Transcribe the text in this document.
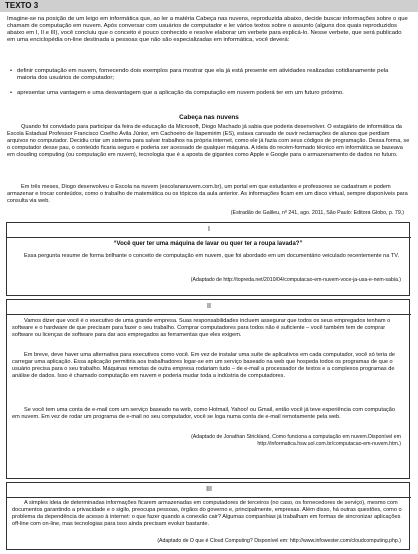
TEXTO 3
Imagine-se na posição de um leigo em informática que, ao ler a matéria Cabeça nas nuvens, reproduzida abaixo, decide buscar informações sobre o que chamam de computação em nuvem. Após conversar com usuários de computador e ler vários textos sobre o assunto (alguns dos quais reproduzidos abaixo em I, II e III), você concluiu que o conceito é pouco conhecido e resolve elaborar um verbete para explicá-lo. Nesse verbete, que será publicado em uma enciclopédia on-line destinada a pessoas que não são especializadas em informática, você deverá:
• definir computação em nuvem, fornecendo dois exemplos para mostrar que ela já está presente em atividades realizadas cotidianamente pela maioria dos usuários de computador;
• apresentar uma vantagem e uma desvantagem que a aplicação da computação em nuvem poderá ter em um futuro próximo.
Cabeça nas nuvens
Quando foi convidado para participar da feira de educação da Microsoft, Diogo Machado já sabia que poderia desenvolver. O estagiário de informática da Escola Estadual Professor Francisco Coelho Ávila Júnior, em Cachoeiro de Itapemirim (ES), estava cansado de ouvir reclamações de alunos que perdiam arquivos no computador. Decidiu criar um sistema para salvar trabalhos na própria internet, como ele já fazia com seus códigos de programação. Dessa forma, se o computador desse pau, o conteúdo ficaria seguro e poderia ser acessado de qualquer máquina. A ideia do recém-formado técnico em informática se baseava em clouding computing (ou computação em nuvem), tecnologia que é a aposta de gigantes como Apple e Google para o armazenamento de dados no futuro.
Em três meses, Diogo desenvolveu o Escola na nuvem (escolananuvem.com.br), um portal em que estudantes e professores se cadastram e podem armazenar e trocar conteúdos, como o trabalho de matemática ou os tópicos da aula anterior. As informações ficam em um disco virtual, sempre disponíveis para consulta via web.
(Estradão de Galileu, nº 241, ago. 2011, São Paulo: Editora Globo, p. 79.)
I
“Você quer ter uma máquina de lavar ou quer ter a roupa lavada?”
Essa pergunta resume de forma brilhante o conceito de computação em nuvem, que foi abordado em um documentário veiculado recentemente na TV.
(Adaptado de http://topreda.net/2010/04/computacao-em-nuvem-voce-ja-usa-e-nem-sabia.)
II
Vamos dizer que você é o executivo de uma grande empresa. Suas responsabilidades incluem assegurar que todos os seus empregados tenham o software e o hardware de que precisam para fazer o seu trabalho. Comprar computadores para todos não é suficiente – você também tem de comprar software ou licenças de software para dar aos empregados as ferramentas que eles exigem.
Em breve, deve haver uma alternativa para executivos como você. Em vez de instalar uma suíte de aplicativos em cada computador, você só teria de carregar uma aplicação. Essa aplicação permitiria aos trabalhadores logar-se em um serviço baseado na web que hospeda todos os programas de que o usuário precisa para o seu trabalho. Máquinas remotas de outra empresa rodariam tudo – de e-mail a processador de textos e a complexos programas de análise de dados. Isso é chamado computação em nuvem e poderia mudar toda a indústria de computadores.
Se você tem uma conta de e-mail com um serviço baseado na web, como Hotmail, Yahoo! ou Gmail, então você já teve experiência com computação em nuvem. Em vez de rodar um programa de e-mail no seu computador, você se loga numa conta de e-mail remotamente pela web.
(Adaptado de Jonathan Strickland, Como funciona a computação em nuvem.Disponível em
http://informatica.hsw.uol.com.br/computacao-em-nuvem.htm.)
III
A simples ideia de determinadas informações ficarem armazenadas em computadores de terceiros (no caso, os fornecedores de serviço), mesmo com documentos garantindo a privacidade e o sigilo, preocupa pessoas, órgãos do governo e, principalmente, empresas. Além disso, há outras questões, como o problema da dependência de acesso à internet: o que fazer quando a conexão cair? Algumas companhias já trabalham em formas de sincronizar aplicações off-line com on-line, mas tecnologias para isso ainda precisam evoluir bastante.
(Adaptado de O que é Cloud Computing? Disponível em: http://www.infowester.com/cloudcomputing.php.)
